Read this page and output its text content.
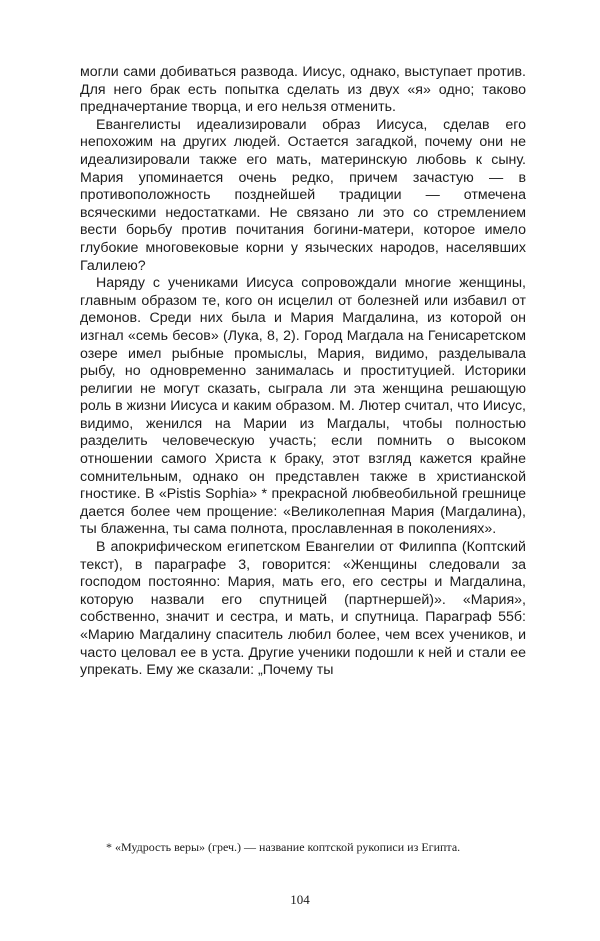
могли сами добиваться развода. Иисус, однако, выступает против. Для него брак есть попытка сделать из двух «я» одно; таково предначертание творца, и его нельзя отменить.

Евангелисты идеализировали образ Иисуса, сделав его непохожим на других людей. Остается загадкой, почему они не идеализировали также его мать, материнскую любовь к сыну. Мария упоминается очень редко, причем зачастую — в противоположность позднейшей традиции — отмечена всяческими недостатками. Не связано ли это со стремлением вести борьбу против почитания богини-матери, которое имело глубокие многовековые корни у языческих народов, населявших Галилею?

Наряду с учениками Иисуса сопровождали многие женщины, главным образом те, кого он исцелил от болезней или избавил от демонов. Среди них была и Мария Магдалина, из которой он изгнал «семь бесов» (Лука, 8, 2). Город Магдала на Генисаретском озере имел рыбные промыслы, Мария, видимо, разделывала рыбу, но одновременно занималась и проституцией. Историки религии не могут сказать, сыграла ли эта женщина решающую роль в жизни Иисуса и каким образом. М. Лютер считал, что Иисус, видимо, женился на Марии из Магдалы, чтобы полностью разделить человеческую участь; если помнить о высоком отношении самого Христа к браку, этот взгляд кажется крайне сомнительным, однако он представлен также в христианской гностике. В «Pistis Sophia» * прекрасной любвеобильной грешнице дается более чем прощение: «Великолепная Мария (Магдалина), ты блаженна, ты сама полнота, прославленная в поколениях».

В апокрифическом египетском Евангелии от Филиппа (Коптский текст), в параграфе 3, говорится: «Женщины следовали за господом постоянно: Мария, мать его, его сестры и Магдалина, которую назвали его спутницей (партнершей)». «Мария», собственно, значит и сестра, и мать, и спутница. Параграф 55б: «Марию Магдалину спаситель любил более, чем всех учеников, и часто целовал ее в уста. Другие ученики подошли к ней и стали ее упрекать. Ему же сказали: „Почему ты

* «Мудрость веры» (греч.) — название коптской рукописи из Египта.
104
